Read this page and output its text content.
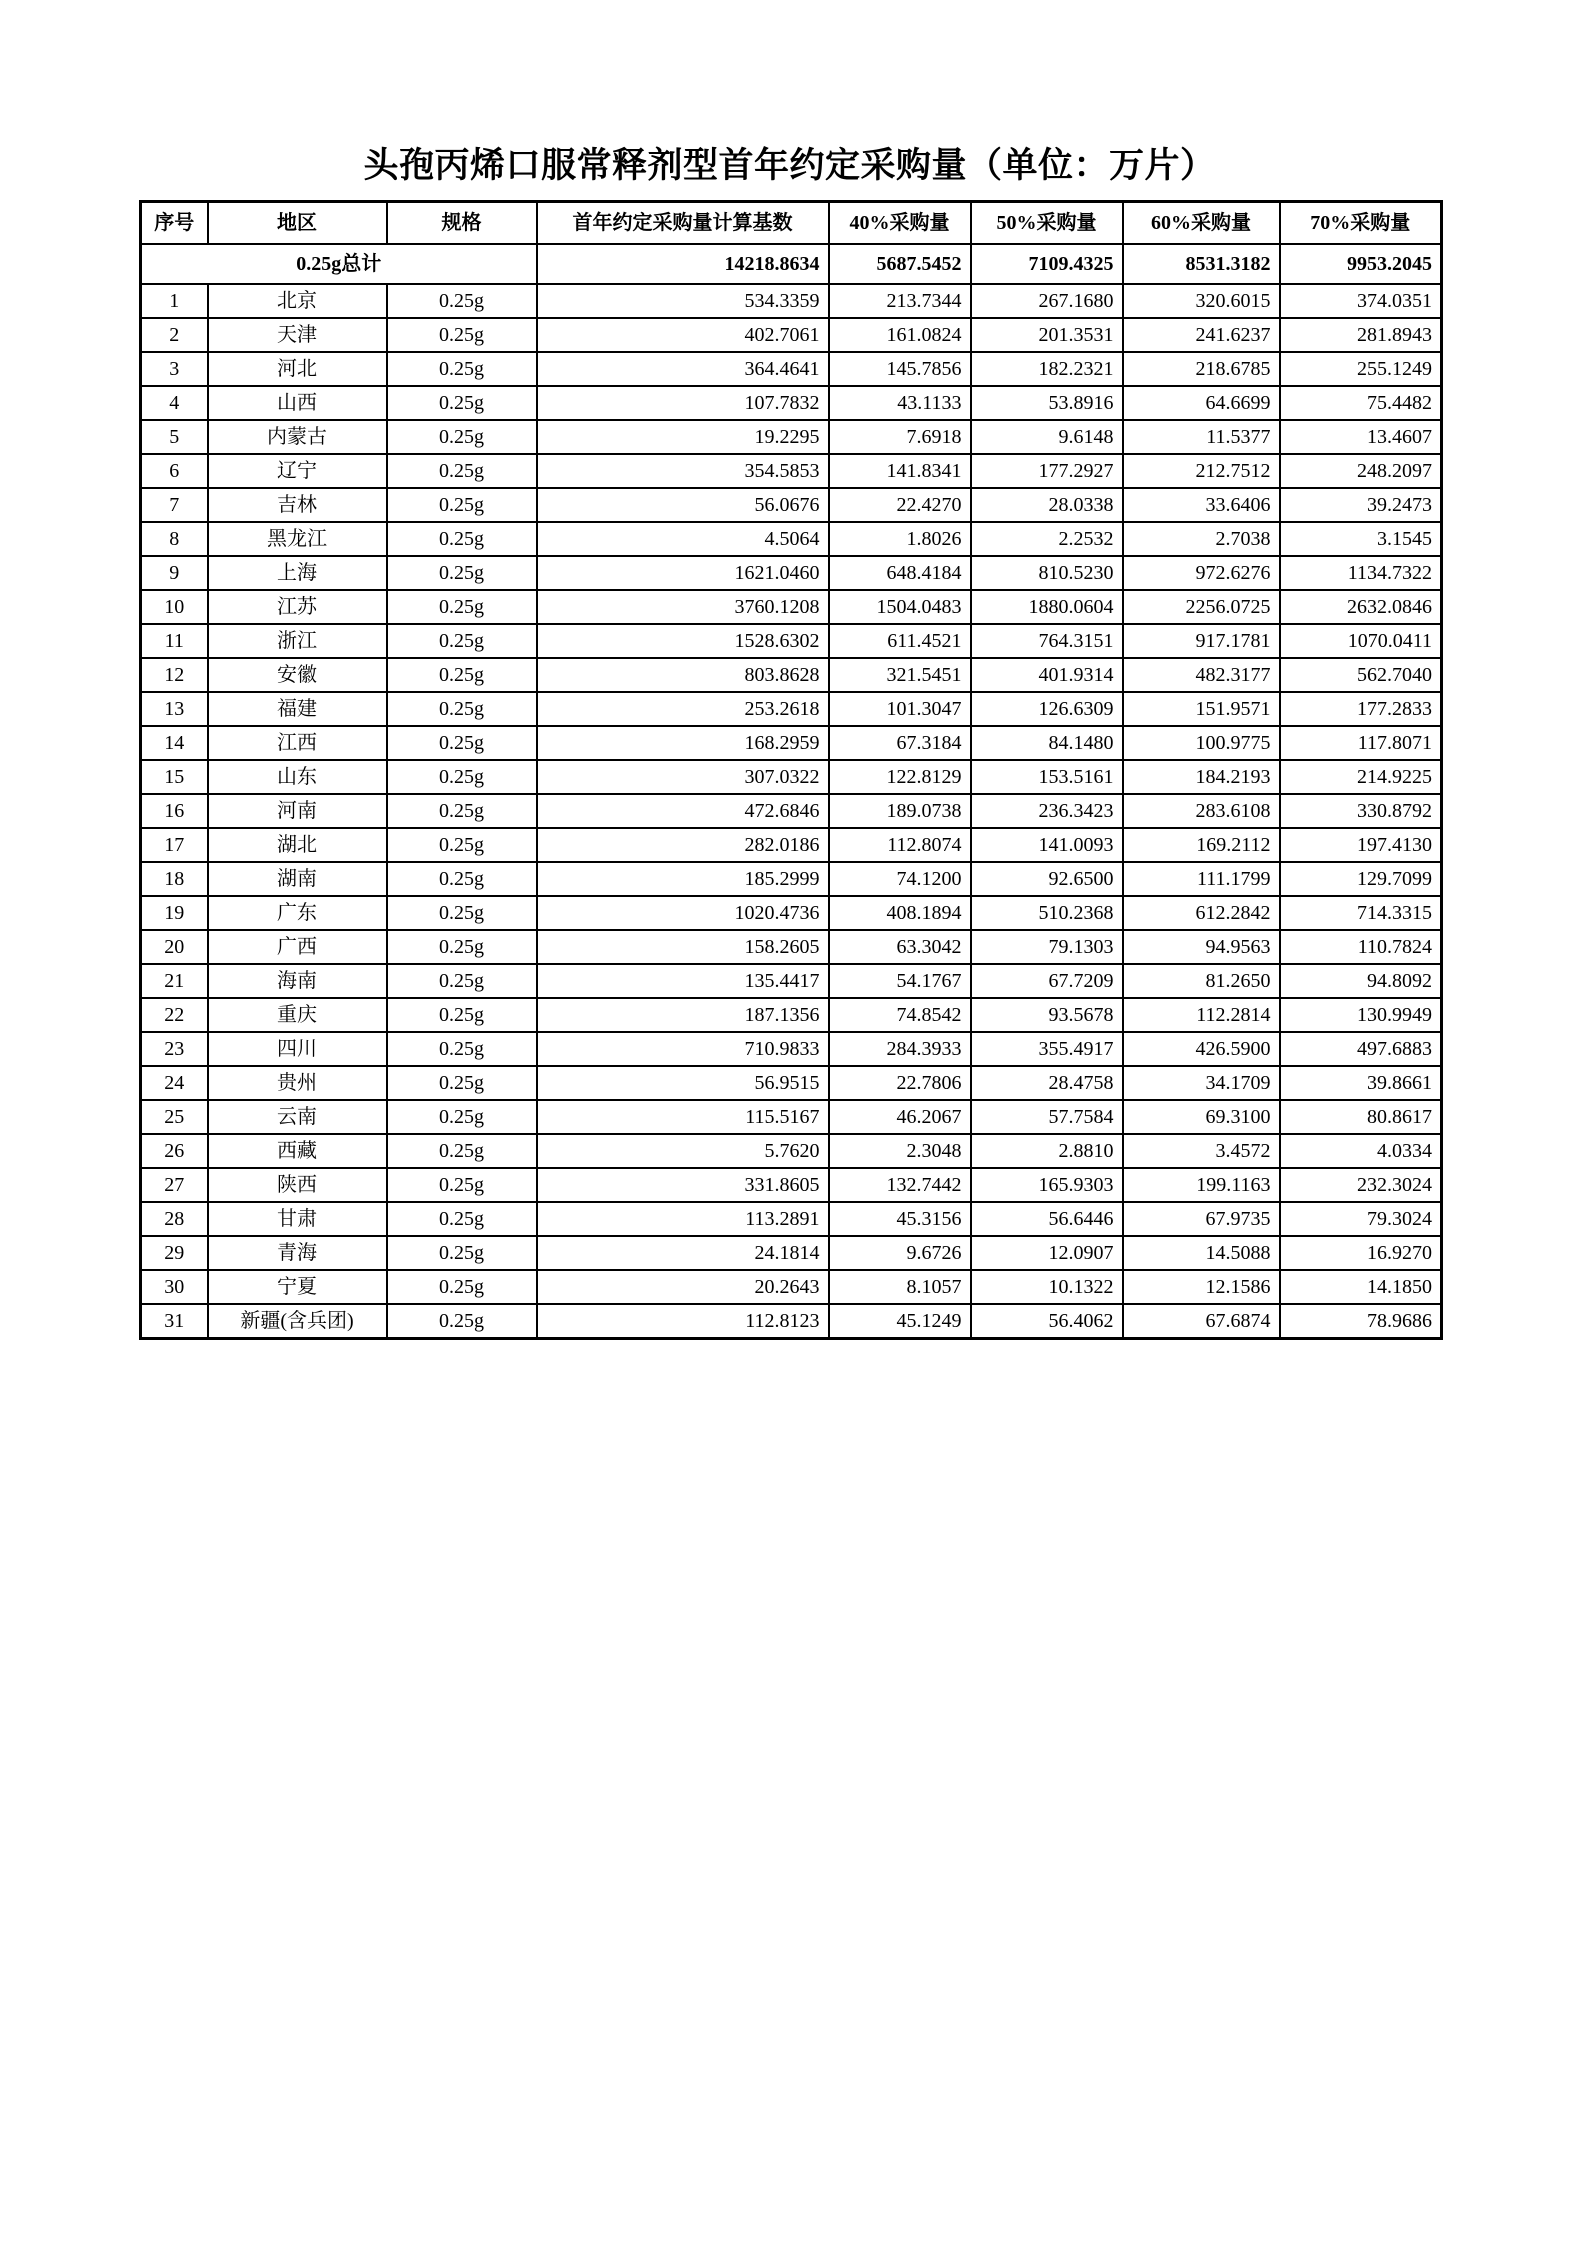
头孢丙烯口服常释剂型首年约定采购量（单位：万片）
序号	地区	规格	首年约定采购量计算基数	40%采购量	50%采购量	60%采购量	70%采购量
0.25g总计			14218.8634	5687.5452	7109.4325	8531.3182	9953.2045
1	北京	0.25g	534.3359	213.7344	267.1680	320.6015	374.0351
2	天津	0.25g	402.7061	161.0824	201.3531	241.6237	281.8943
3	河北	0.25g	364.4641	145.7856	182.2321	218.6785	255.1249
4	山西	0.25g	107.7832	43.1133	53.8916	64.6699	75.4482
5	内蒙古	0.25g	19.2295	7.6918	9.6148	11.5377	13.4607
6	辽宁	0.25g	354.5853	141.8341	177.2927	212.7512	248.2097
7	吉林	0.25g	56.0676	22.4270	28.0338	33.6406	39.2473
8	黑龙江	0.25g	4.5064	1.8026	2.2532	2.7038	3.1545
9	上海	0.25g	1621.0460	648.4184	810.5230	972.6276	1134.7322
10	江苏	0.25g	3760.1208	1504.0483	1880.0604	2256.0725	2632.0846
11	浙江	0.25g	1528.6302	611.4521	764.3151	917.1781	1070.0411
12	安徽	0.25g	803.8628	321.5451	401.9314	482.3177	562.7040
13	福建	0.25g	253.2618	101.3047	126.6309	151.9571	177.2833
14	江西	0.25g	168.2959	67.3184	84.1480	100.9775	117.8071
15	山东	0.25g	307.0322	122.8129	153.5161	184.2193	214.9225
16	河南	0.25g	472.6846	189.0738	236.3423	283.6108	330.8792
17	湖北	0.25g	282.0186	112.8074	141.0093	169.2112	197.4130
18	湖南	0.25g	185.2999	74.1200	92.6500	111.1799	129.7099
19	广东	0.25g	1020.4736	408.1894	510.2368	612.2842	714.3315
20	广西	0.25g	158.2605	63.3042	79.1303	94.9563	110.7824
21	海南	0.25g	135.4417	54.1767	67.7209	81.2650	94.8092
22	重庆	0.25g	187.1356	74.8542	93.5678	112.2814	130.9949
23	四川	0.25g	710.9833	284.3933	355.4917	426.5900	497.6883
24	贵州	0.25g	56.9515	22.7806	28.4758	34.1709	39.8661
25	云南	0.25g	115.5167	46.2067	57.7584	69.3100	80.8617
26	西藏	0.25g	5.7620	2.3048	2.8810	3.4572	4.0334
27	陕西	0.25g	331.8605	132.7442	165.9303	199.1163	232.3024
28	甘肃	0.25g	113.2891	45.3156	56.6446	67.9735	79.3024
29	青海	0.25g	24.1814	9.6726	12.0907	14.5088	16.9270
30	宁夏	0.25g	20.2643	8.1057	10.1322	12.1586	14.1850
31	新疆(含兵团)	0.25g	112.8123	45.1249	56.4062	67.6874	78.9686
